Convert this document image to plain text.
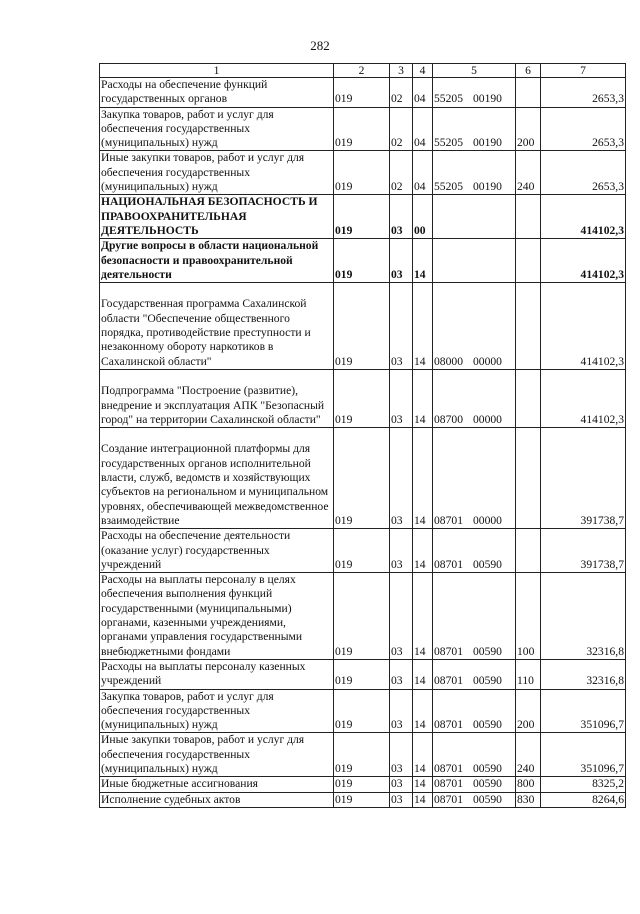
282
1	2	3	4	5	6	7
Расходы на обеспечение функций государственных органов	019	02	04	55205 00190		2653,3
Закупка товаров, работ и услуг для обеспечения государственных (муниципальных) нужд	019	02	04	55205 00190	200	2653,3
Иные закупки товаров, работ и услуг для обеспечения государственных (муниципальных) нужд	019	02	04	55205 00190	240	2653,3
НАЦИОНАЛЬНАЯ БЕЗОПАСНОСТЬ И ПРАВООХРАНИТЕЛЬНАЯ ДЕЯТЕЛЬНОСТЬ	019	03	00			414102,3
Другие вопросы в области национальной безопасности и правоохранительной деятельности	019	03	14			414102,3
Государственная программа Сахалинской области "Обеспечение общественного порядка, противодействие преступности и незаконному обороту наркотиков в Сахалинской области"	019	03	14	08000 00000		414102,3
Подпрограмма "Построение (развитие), внедрение и эксплуатация АПК "Безопасный город" на территории Сахалинской области"	019	03	14	08700 00000		414102,3
Создание интеграционной платформы для государственных органов исполнительной власти, служб, ведомств и хозяйствующих субъектов на региональном и муниципальном уровнях, обеспечивающей межведомственное взаимодействие	019	03	14	08701 00000		391738,7
Расходы на обеспечение деятельности (оказание услуг) государственных учреждений	019	03	14	08701 00590		391738,7
Расходы на выплаты персоналу в целях обеспечения выполнения функций государственными (муниципальными) органами, казенными учреждениями, органами управления государственными внебюджетными фондами	019	03	14	08701 00590	100	32316,8
Расходы на выплаты персоналу казенных учреждений	019	03	14	08701 00590	110	32316,8
Закупка товаров, работ и услуг для обеспечения государственных (муниципальных) нужд	019	03	14	08701 00590	200	351096,7
Иные закупки товаров, работ и услуг для обеспечения государственных (муниципальных) нужд	019	03	14	08701 00590	240	351096,7
Иные бюджетные ассигнования	019	03	14	08701 00590	800	8325,2
Исполнение судебных актов	019	03	14	08701 00590	830	8264,6
